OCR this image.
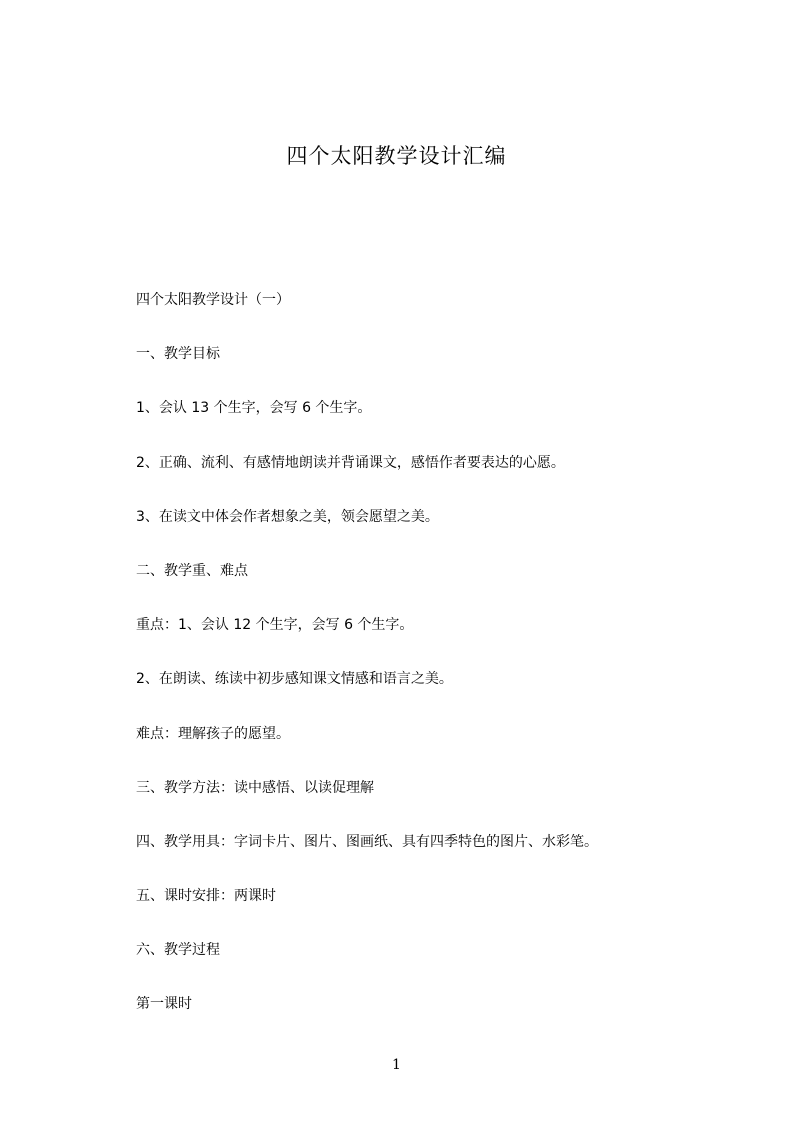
四个太阳教学设计汇编
四个太阳教学设计（一）
一、教学目标
1、会认 13 个生字，会写 6 个生字。
2、正确、流利、有感情地朗读并背诵课文，感悟作者要表达的心愿。
3、在读文中体会作者想象之美，领会愿望之美。
二、教学重、难点
重点：1、会认 12 个生字，会写 6 个生字。
2、在朗读、练读中初步感知课文情感和语言之美。
难点：理解孩子的愿望。
三、教学方法：读中感悟、以读促理解
四、教学用具：字词卡片、图片、图画纸、具有四季特色的图片、水彩笔。
五、课时安排：两课时
六、教学过程
第一课时
1
